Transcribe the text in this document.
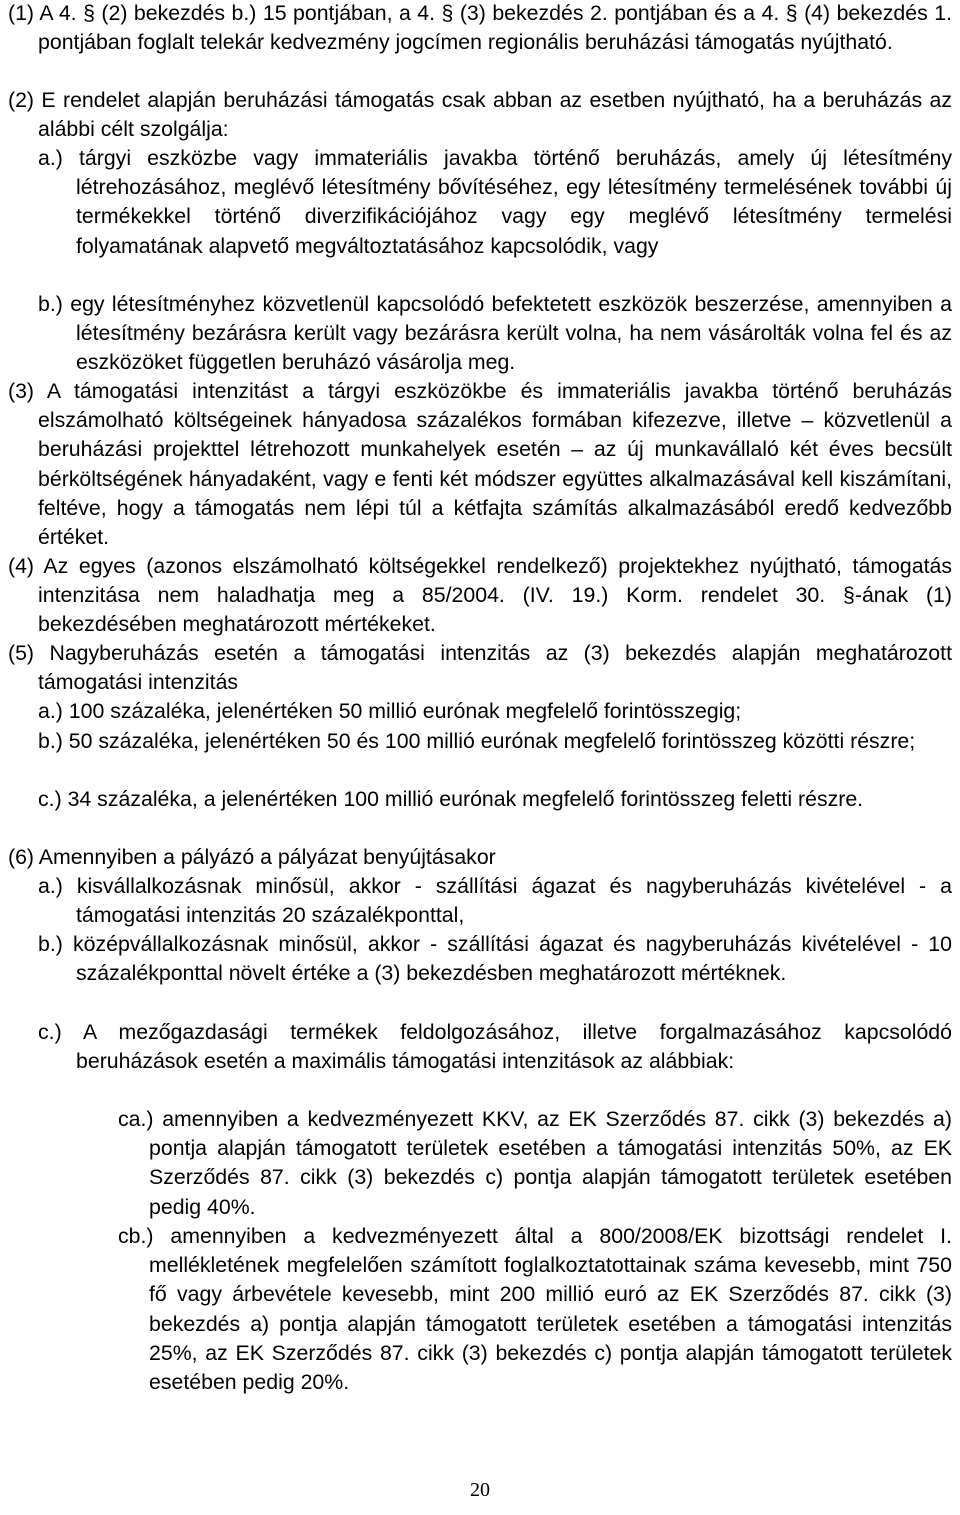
(1) A 4. § (2) bekezdés b.) 15 pontjában, a 4. § (3) bekezdés 2. pontjában és a 4. § (4) bekezdés 1. pontjában foglalt telekár kedvezmény jogcímen regionális beruházási támogatás nyújtható.
(2) E rendelet alapján beruházási támogatás csak abban az esetben nyújtható, ha a beruházás az alábbi célt szolgálja:
a.) tárgyi eszközbe vagy immateriális javakba történő beruházás, amely új létesítmény létrehozásához, meglévő létesítmény bővítéséhez, egy létesítmény termelésének további új termékekkel történő diverzifikációjához vagy egy meglévő létesítmény termelési folyamatának alapvető megváltoztatásához kapcsolódik, vagy
b.) egy létesítményhez közvetlenül kapcsolódó befektetett eszközök beszerzése, amennyiben a létesítmény bezárásra került vagy bezárásra került volna, ha nem vásárolták volna fel és az eszközöket független beruházó vásárolja meg.
(3) A támogatási intenzitást a tárgyi eszközökbe és immateriális javakba történő beruházás elszámolható költségeinek hányadosa százalékos formában kifezezve, illetve – közvetlenül a beruházási projekttel létrehozott munkahelyek esetén – az új munkavállaló két éves becsült bérköltségének hányadaként, vagy e fenti két módszer együttes alkalmazásával kell kiszámítani, feltéve, hogy a támogatás nem lépi túl a kétfajta számítás alkalmazásából eredő kedvezőbb értéket.
(4) Az egyes (azonos elszámolható költségekkel rendelkező) projektekhez nyújtható, támogatás intenzitása nem haladhatja meg a 85/2004. (IV. 19.) Korm. rendelet 30. §-ának (1) bekezdésében meghatározott mértékeket.
(5) Nagyberuházás esetén a támogatási intenzitás az (3) bekezdés alapján meghatározott támogatási intenzitás
a.) 100 százaléka, jelenértéken 50 millió eurónak megfelelő forintösszegig;
b.) 50 százaléka, jelenértéken 50 és 100 millió eurónak megfelelő forintösszeg közötti részre;
c.) 34 százaléka, a jelenértéken 100 millió eurónak megfelelő forintösszeg feletti részre.
(6) Amennyiben a pályázó a pályázat benyújtásakor
a.) kisvállalkozásnak minősül, akkor - szállítási ágazat és nagyberuházás kivételével - a támogatási intenzitás 20 százalékponttal,
b.) középvállalkozásnak minősül, akkor - szállítási ágazat és nagyberuházás kivételével - 10 százalékponttal növelt értéke a (3) bekezdésben meghatározott mértéknek.
c.) A mezőgazdasági termékek feldolgozásához, illetve forgalmazásához kapcsolódó beruházások esetén a maximális támogatási intenzitások az alábbiak:
ca.) amennyiben a kedvezményezett KKV, az EK Szerződés 87. cikk (3) bekezdés a) pontja alapján támogatott területek esetében a támogatási intenzitás 50%, az EK Szerződés 87. cikk (3) bekezdés c) pontja alapján támogatott területek esetében pedig 40%.
cb.) amennyiben a kedvezményezett által a 800/2008/EK bizottsági rendelet I. mellékletének megfelelően számított foglalkoztatottainak száma kevesebb, mint 750 fő vagy árbevétele kevesebb, mint 200 millió euró az EK Szerződés 87. cikk (3) bekezdés a) pontja alapján támogatott területek esetében a támogatási intenzitás 25%, az EK Szerződés 87. cikk (3) bekezdés c) pontja alapján támogatott területek esetében pedig 20%.
20
